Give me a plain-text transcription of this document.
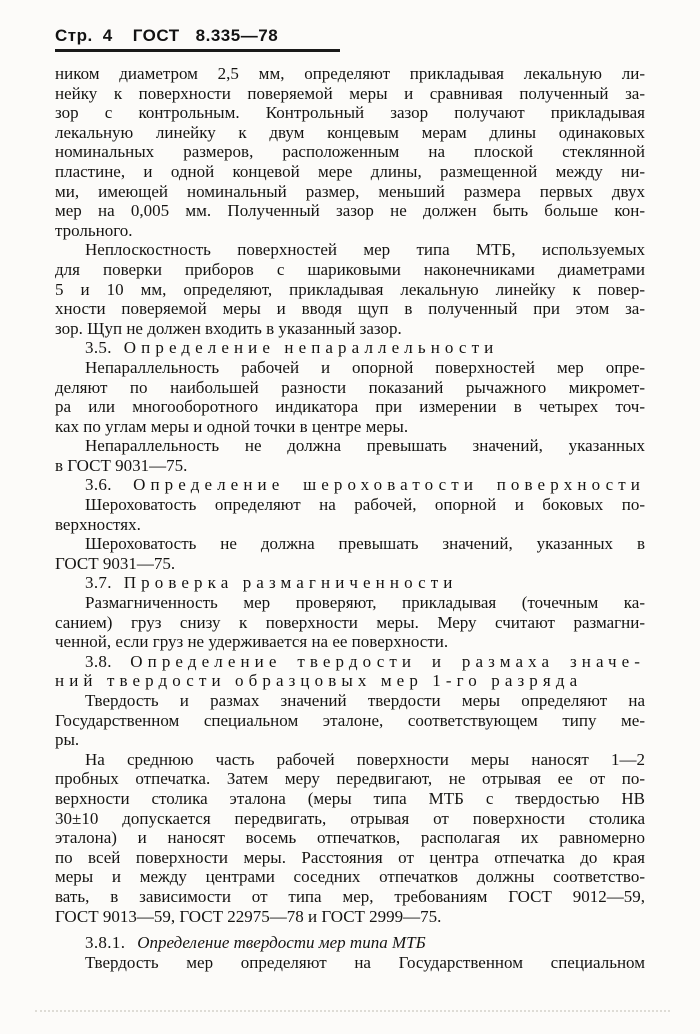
Стр. 4 ГОСТ 8.335—78
ником диаметром 2,5 мм, определяют прикладывая лекальную ли-
нейку к поверхности поверяемой меры и сравнивая полученный за-
зор с контрольным. Контрольный зазор получают прикладывая
лекальную линейку к двум концевым мерам длины одинаковых
номинальных размеров, расположенным на плоской стеклянной
пластине, и одной концевой мере длины, размещенной между ни-
ми, имеющей номинальный размер, меньший размера первых двух
мер на 0,005 мм. Полученный зазор не должен быть больше кон-
трольного.
Неплоскостность поверхностей мер типа МТБ, используемых
для поверки приборов с шариковыми наконечниками диаметрами
5 и 10 мм, определяют, прикладывая лекальную линейку к повер-
хности поверяемой меры и вводя щуп в полученный при этом за-
зор. Щуп не должен входить в указанный зазор.
3.5. Определение непараллельности
Непараллельность рабочей и опорной поверхностей мер опре-
деляют по наибольшей разности показаний рычажного микромет-
ра или многооборотного индикатора при измерении в четырех точ-
ках по углам меры и одной точки в центре меры.
Непараллельность не должна превышать значений, указанных
в ГОСТ 9031—75.
3.6. Определение шероховатости поверхности
Шероховатость определяют на рабочей, опорной и боковых по-
верхностях.
Шероховатость не должна превышать значений, указанных в
ГОСТ 9031—75.
3.7. Проверка размагниченности
Размагниченность мер проверяют, прикладывая (точечным ка-
санием) груз снизу к поверхности меры. Меру считают размагни-
ченной, если груз не удерживается на ее поверхности.
3.8. Определение твердости и размаха значе-
ний твердости образцовых мер 1-го разряда
Твердость и размах значений твердости меры определяют на
Государственном специальном эталоне, соответствующем типу ме-
ры.
На среднюю часть рабочей поверхности меры наносят 1—2
пробных отпечатка. Затем меру передвигают, не отрывая ее от по-
верхности столика эталона (меры типа МТБ с твердостью НВ
30±10 допускается передвигать, отрывая от поверхности столика
эталона) и наносят восемь отпечатков, располагая их равномерно
по всей поверхности меры. Расстояния от центра отпечатка до края
меры и между центрами соседних отпечатков должны соответство-
вать, в зависимости от типа мер, требованиям ГОСТ 9012—59,
ГОСТ 9013—59, ГОСТ 22975—78 и ГОСТ 2999—75.
3.8.1. Определение твердости мер типа МТБ
Твердость мер определяют на Государственном специальном
